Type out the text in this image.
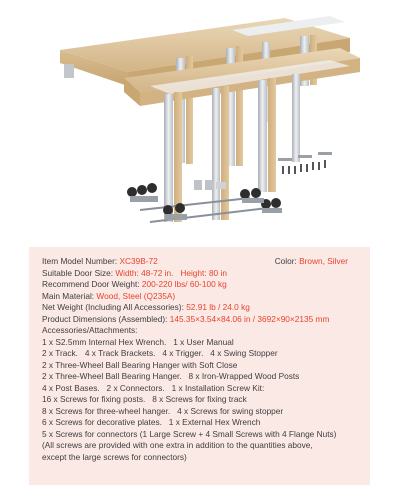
Item Model Number: XC39B-72	Color: Brown, Silver
Suitable Door Size: Width: 48-72 in.   Height: 80 in
Recommend Door Weight: 200-220 lbs/ 60-100 kg
Main Material: Wood, Steel (Q235A)
Net Weight (Including All Accessories): 52.91 lb / 24.0 kg
Product Dimensions (Assembled): 145.35×3.54×84.06 in / 3692×90×2135 mm
Accessories/Attachments:
1 x S2.5mm Internal Hex Wrench.   1 x User Manual
2 x Track.   4 x Track Brackets.   4 x Trigger.   4 x Swing Stopper
2 x Three-Wheel Ball Bearing Hanger with Soft Close
2 x Three-Wheel Ball Bearing Hanger.   8 x Iron-Wrapped Wood Posts
4 x Post Bases.   2 x Connectors.   1 x Installation Screw Kit:
16 x Screws for fixing posts.   8 x Screws for fixing track
8 x Screws for three-wheel hanger.   4 x Screws for swing stopper
6 x Screws for decorative plates.   1 x External Hex Wrench
5 x Screws for connectors (1 Large Screw + 4 Small Screws with 4 Flange Nuts)
(All screws are provided with one extra in addition to the quantities above,
except the large screws for connectors)
